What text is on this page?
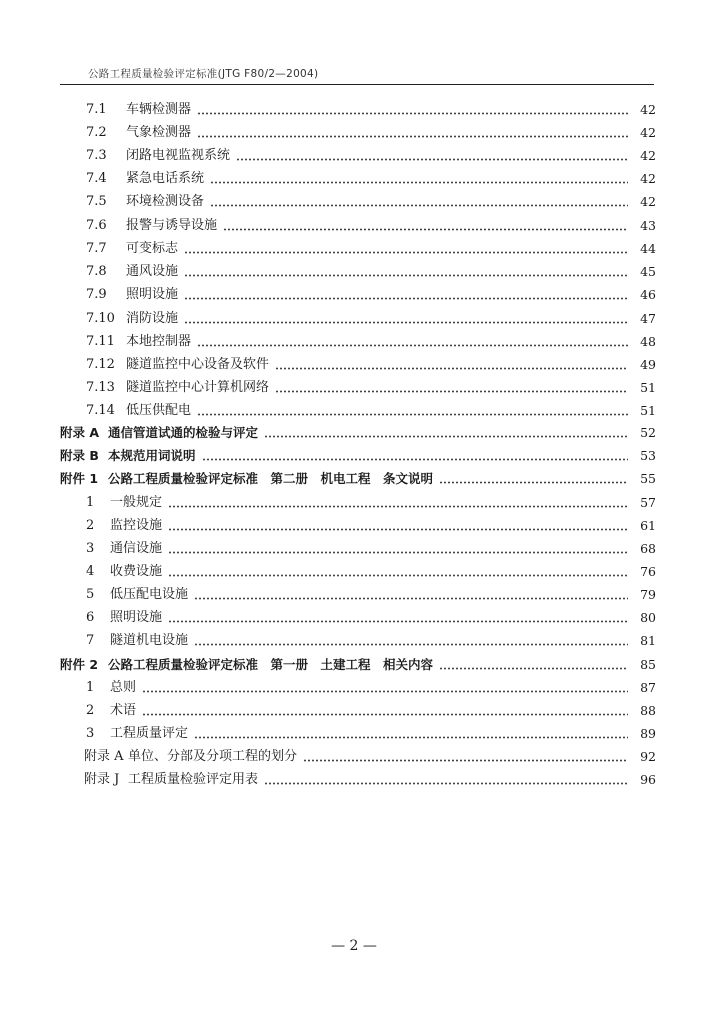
公路工程质量检验评定标准(JTG F80/2—2004)
7.1	车辆检测器	42
7.2	气象检测器	42
7.3	闭路电视监视系统	42
7.4	紧急电话系统	42
7.5	环境检测设备	42
7.6	报警与诱导设施	43
7.7	可变标志	44
7.8	通风设施	45
7.9	照明设施	46
7.10 消防设施	47
7.11 本地控制器	48
7.12 隧道监控中心设备及软件	49
7.13 隧道监控中心计算机网络	51
7.14 低压供配电	51
附录 A 通信管道试通的检验与评定	52
附录 B 本规范用词说明	53
附件 1 公路工程质量检验评定标准　第二册　机电工程　条文说明	55
1	一般规定	57
2	监控设施	61
3	通信设施	68
4	收费设施	76
5	低压配电设施	79
6	照明设施	80
7	隧道机电设施	81
附件 2 公路工程质量检验评定标准　第一册　土建工程　相关内容	85
1	总则	87
2	术语	88
3	工程质量评定	89
附录 A 单位、分部及分项工程的划分	92
附录 J 工程质量检验评定用表	96
— 2 —
